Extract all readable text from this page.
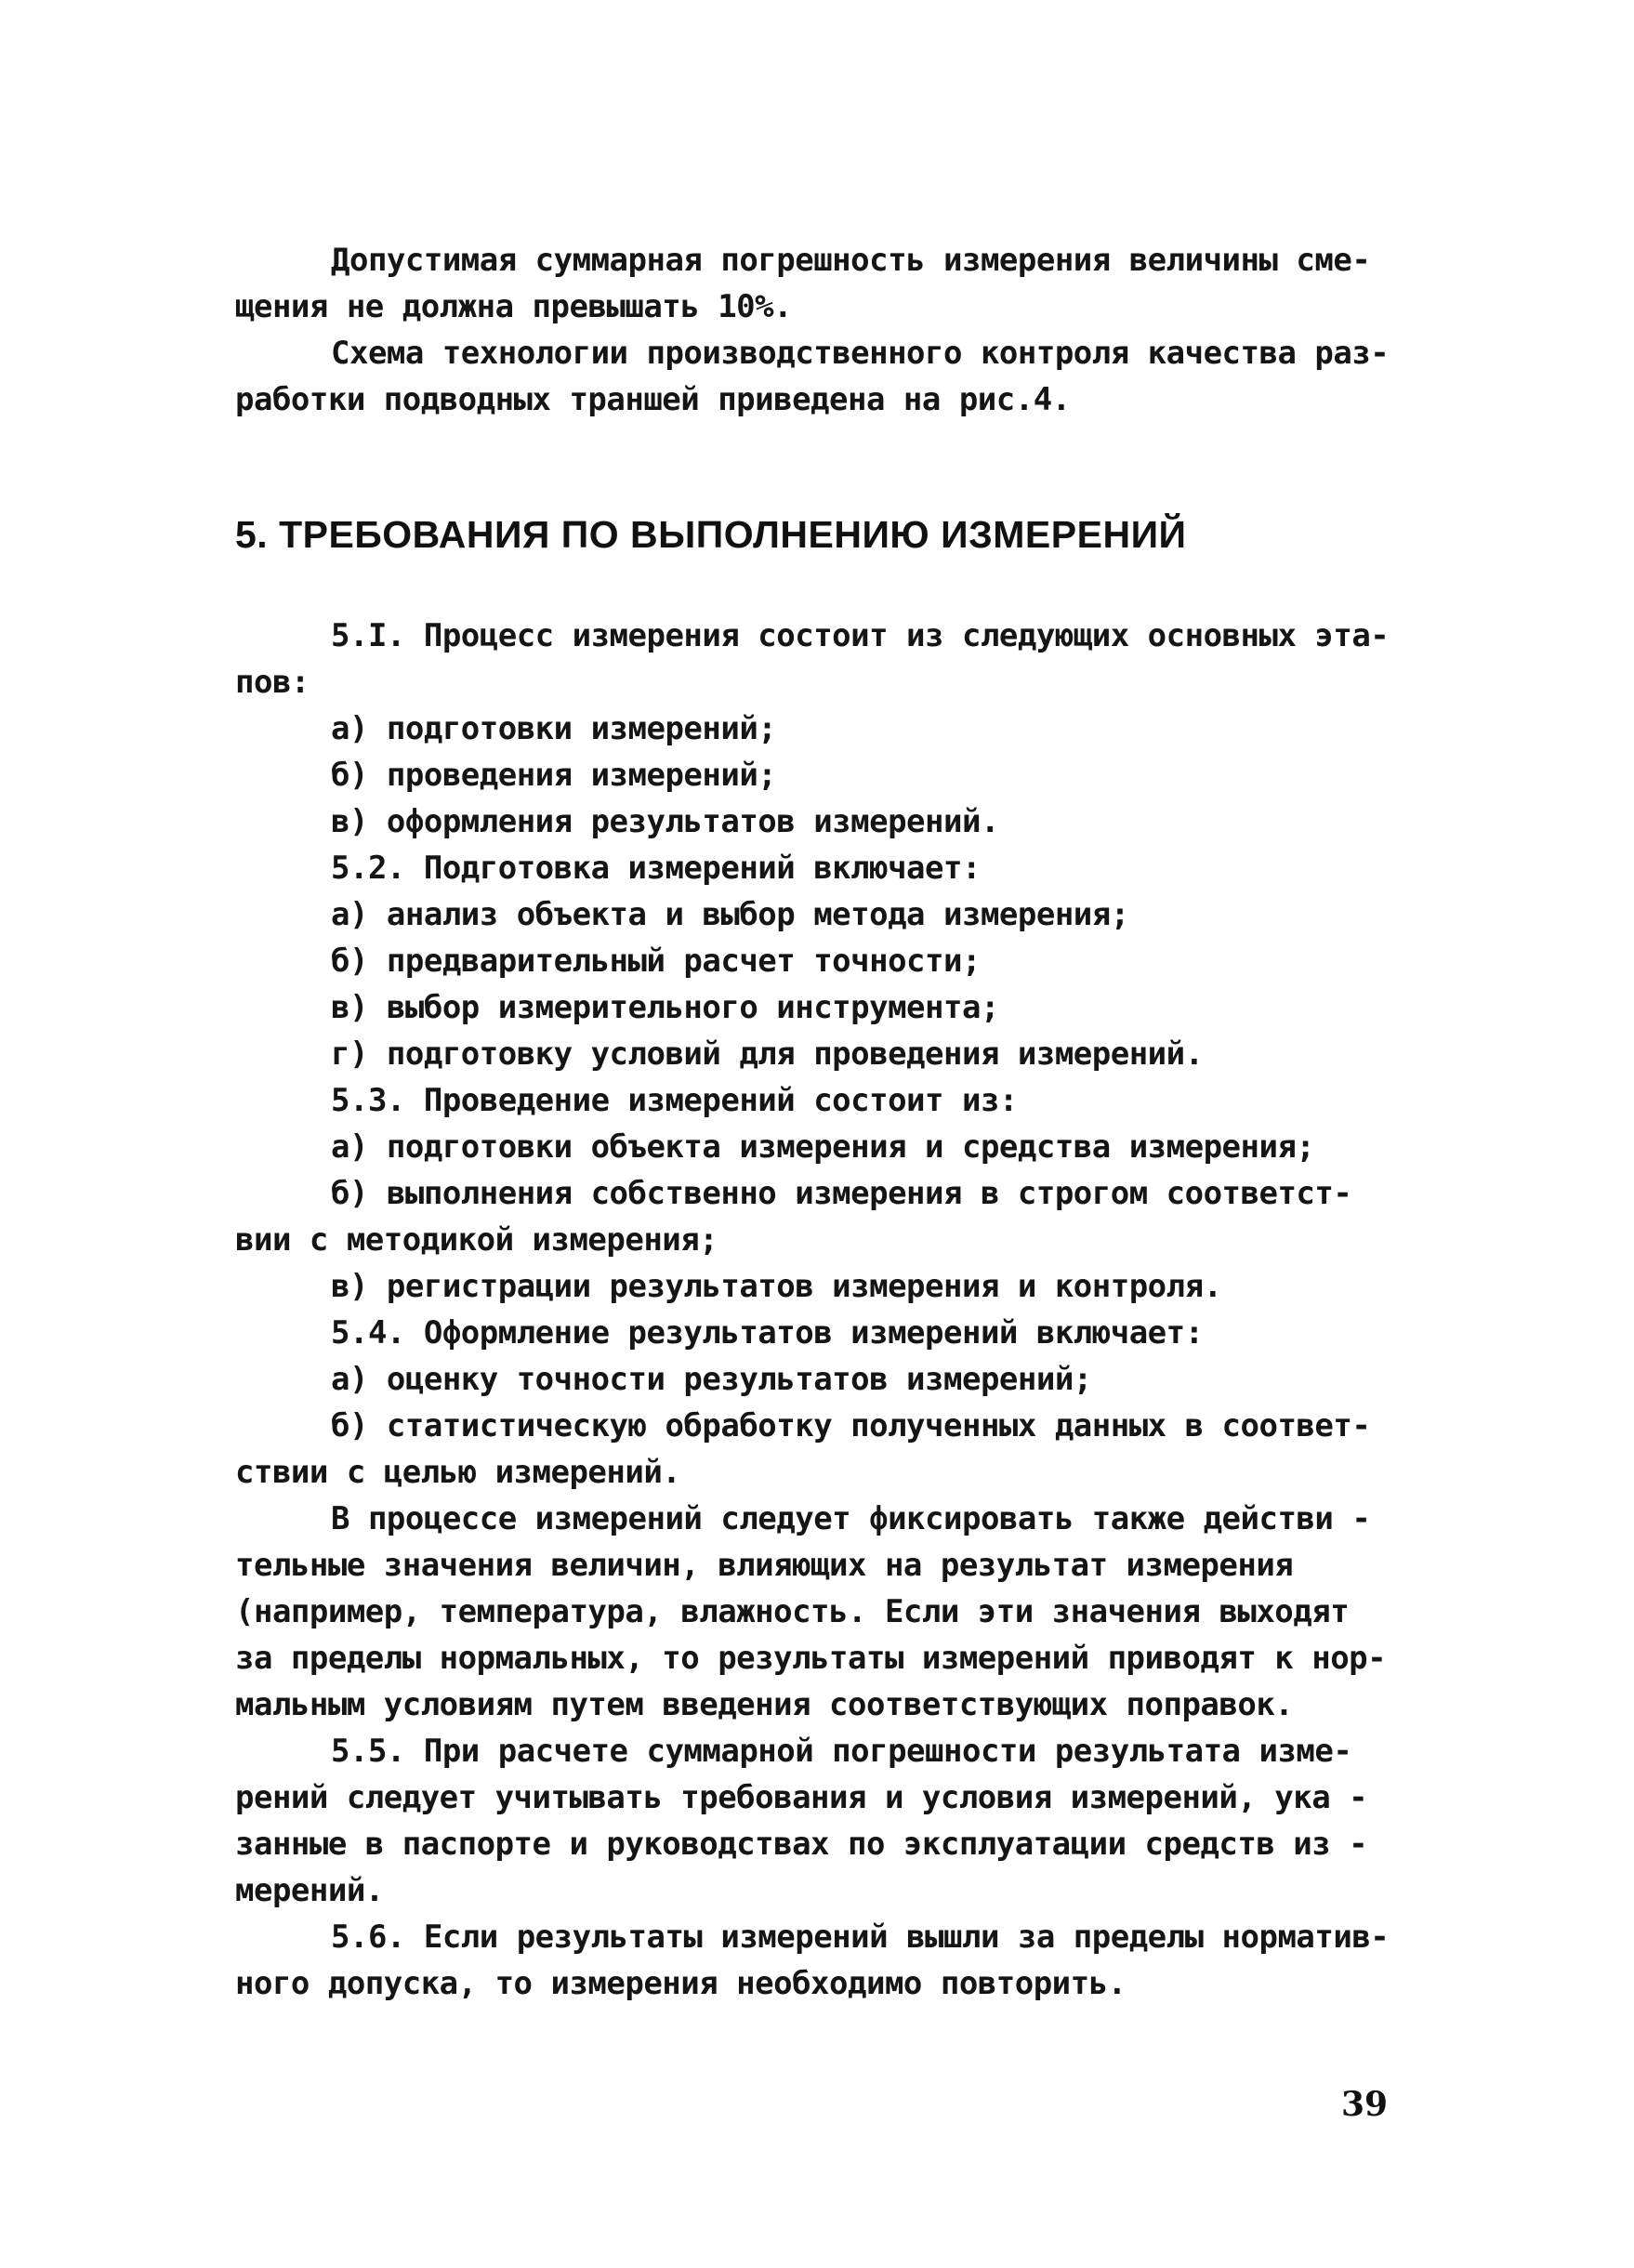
Допустимая суммарная погрешность измерения величины сме-
щения не должна превышать 10%.
Схема технологии производственного контроля качества раз-
работки подводных траншей приведена на рис.4.
5. ТРЕБОВАНИЯ ПО ВЫПОЛНЕНИЮ ИЗМЕРЕНИЙ
5.I. Процесс измерения состоит из следующих основных эта-
пов:
а) подготовки измерений;
б) проведения измерений;
в) оформления результатов измерений.
5.2. Подготовка измерений включает:
а) анализ объекта и выбор метода измерения;
б) предварительный расчет точности;
в) выбор измерительного инструмента;
г) подготовку условий для проведения измерений.
5.3. Проведение измерений состоит из:
а) подготовки объекта измерения и средства измерения;
б) выполнения собственно измерения в строгом соответст-
вии с методикой измерения;
в) регистрации результатов измерения и контроля.
5.4. Оформление результатов измерений включает:
а) оценку точности результатов измерений;
б) статистическую обработку полученных данных в соответ-
ствии с целью измерений.
В процессе измерений следует фиксировать также действи -
тельные значения величин, влияющих на результат измерения
(например, температура, влажность. Если эти значения выходят
за пределы нормальных, то результаты измерений приводят к нор-
мальным условиям путем введения соответствующих поправок.
5.5. При расчете суммарной погрешности результата изме-
рений следует учитывать требования и условия измерений, ука -
занные в паспорте и руководствах по эксплуатации средств из -
мерений.
5.6. Если результаты измерений вышли за пределы норматив-
ного допуска, то измерения необходимо повторить.
39
